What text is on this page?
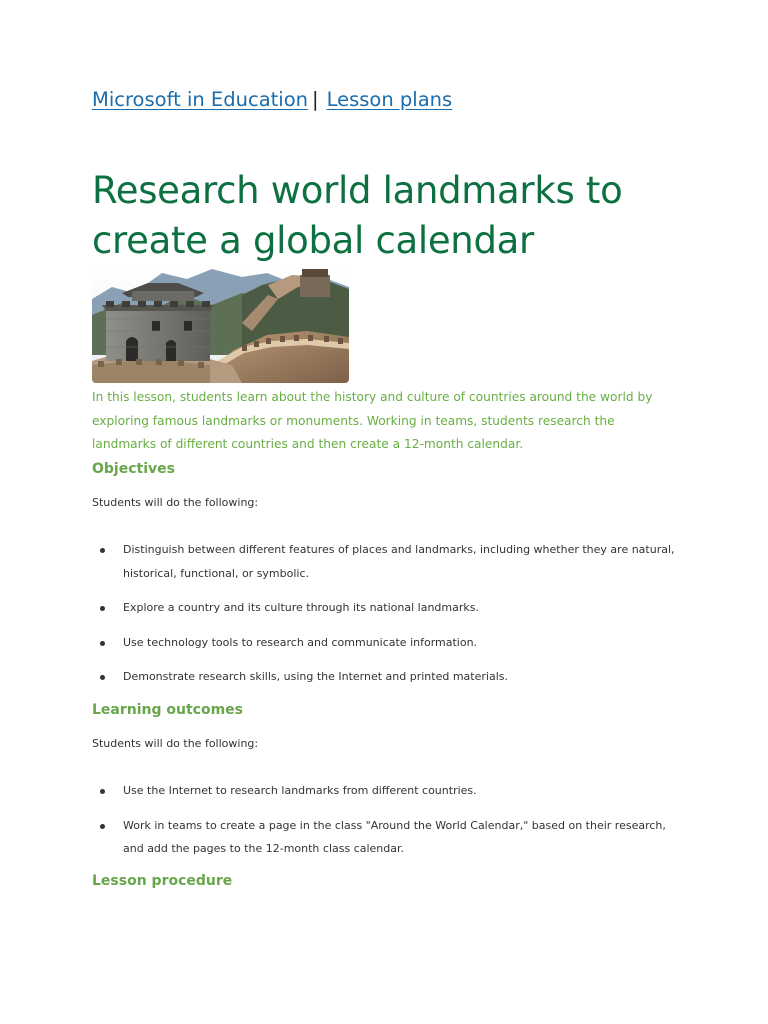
Microsoft in Education | Lesson plans
Research world landmarks to create a global calendar

In this lesson, students learn about the history and culture of countries around the world by exploring famous landmarks or monuments. Working in teams, students research the landmarks of different countries and then create a 12-month calendar.

Objectives

Students will do the following:

Distinguish between different features of places and landmarks, including whether they are natural, historical, functional, or symbolic.
Explore a country and its culture through its national landmarks.
Use technology tools to research and communicate information.
Demonstrate research skills, using the Internet and printed materials.
Learning outcomes

Students will do the following:

Use the Internet to research landmarks from different countries.
Work in teams to create a page in the class "Around the World Calendar," based on their research, and add the pages to the 12-month class calendar.
Lesson procedure
